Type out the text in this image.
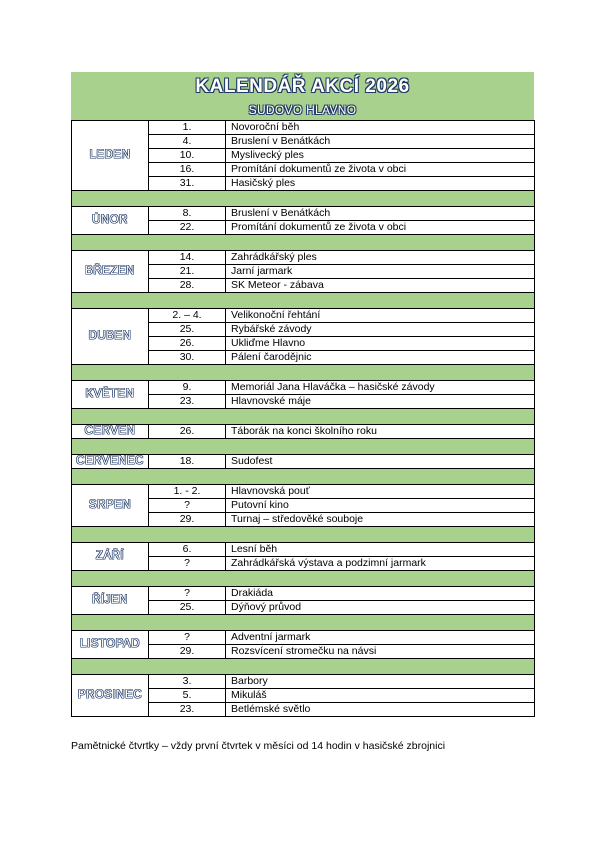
KALENDÁŘ AKCÍ 2026
SUDOVO HLAVNO
LEDEN	1.	Novoroční běh
	4.	Bruslení v Benátkách
	10.	Myslivecký ples
	16.	Promítání dokumentů ze života v obci
	31.	Hasičský ples

ÚNOR	8.	Bruslení v Benátkách
	22.	Promítání dokumentů ze života v obci

BŘEZEN	14.	Zahrádkářský ples
	21.	Jarní jarmark
	28.	SK Meteor - zábava

DUBEN	2. – 4.	Velikonoční řehtání
	25.	Rybářské závody
	26.	Ukliďme Hlavno
	30.	Pálení čarodějnic

KVĚTEN	9.	Memoriál Jana Hlaváčka – hasičské závody
	23.	Hlavnovské máje

ČERVEN	26.	Táborák na konci školního roku

ČERVENEC	18.	Sudofest

SRPEN	1. - 2.	Hlavnovská pouť
	?	Putovní kino
	29.	Turnaj – středověké souboje

ZÁŘÍ	6.	Lesní běh
	?	Zahrádkářská výstava a podzimní jarmark

ŘÍJEN	?	Drakiáda
	25.	Dýňový průvod

LISTOPAD	?	Adventní jarmark
	29.	Rozsvícení stromečku na návsi

PROSINEC	3.	Barbory
	5.	Mikuláš
	23.	Betlémské světlo
Pamětnické čtvrtky – vždy první čtvrtek v měsíci od 14 hodin v hasičské zbrojnici
